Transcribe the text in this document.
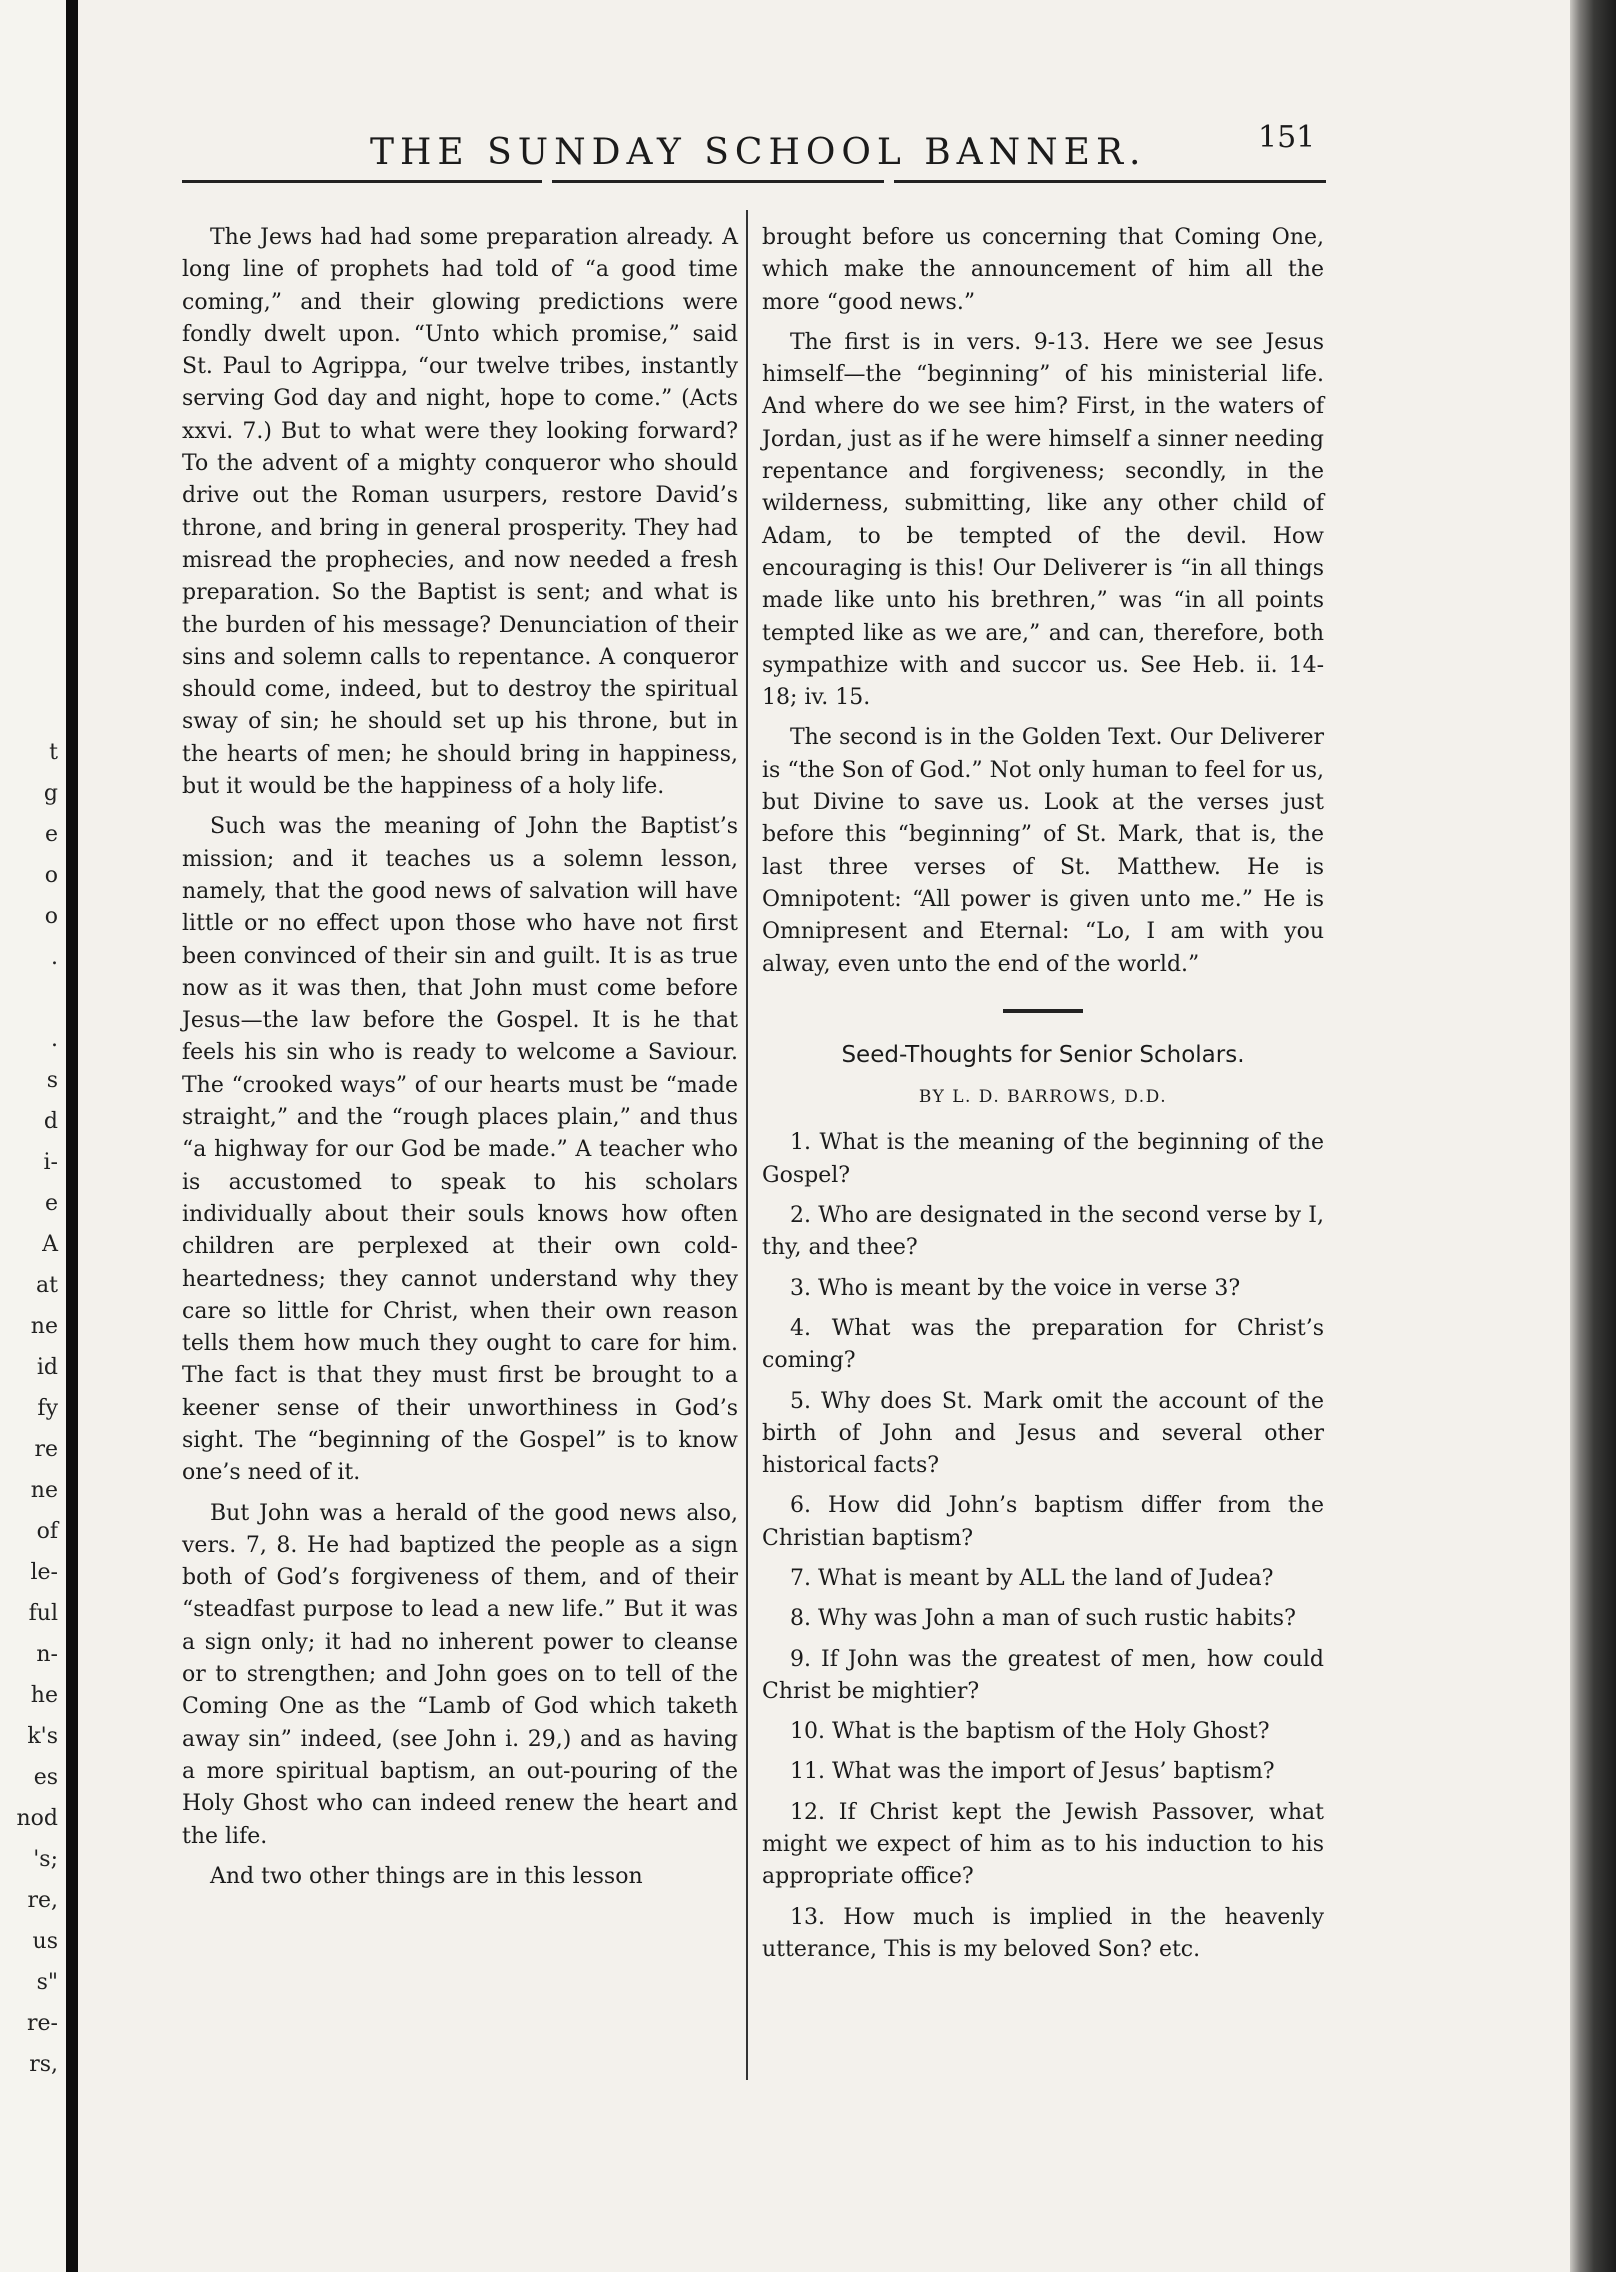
t
g
e
o
o
.
.
s
d
i-
e
A
at
ne
id
fy
re
ne
of
le-
ful
n-
he
k's
es
nod
's;
re,
us
s"
re-
rs,
THE SUNDAY SCHOOL BANNER.	151

The Jews had had some preparation already. A long line of prophets had told of “a good time coming,” and their glowing predictions were fondly dwelt upon. “Unto which promise,” said St. Paul to Agrippa, “our twelve tribes, instantly serving God day and night, hope to come.” (Acts xxvi. 7.) But to what were they looking forward? To the advent of a mighty conqueror who should drive out the Roman usurpers, restore David’s throne, and bring in general prosperity. They had misread the prophecies, and now needed a fresh preparation. So the Baptist is sent; and what is the burden of his message? Denunciation of their sins and solemn calls to repentance. A conqueror should come, indeed, but to destroy the spiritual sway of sin; he should set up his throne, but in the hearts of men; he should bring in happiness, but it would be the happiness of a holy life.

Such was the meaning of John the Baptist’s mission; and it teaches us a solemn lesson, namely, that the good news of salvation will have little or no effect upon those who have not first been convinced of their sin and guilt. It is as true now as it was then, that John must come before Jesus—the law before the Gospel. It is he that feels his sin who is ready to welcome a Saviour. The “crooked ways” of our hearts must be “made straight,” and the “rough places plain,” and thus “a highway for our God be made.” A teacher who is accustomed to speak to his scholars individually about their souls knows how often children are perplexed at their own cold-heartedness; they cannot understand why they care so little for Christ, when their own reason tells them how much they ought to care for him. The fact is that they must first be brought to a keener sense of their unworthiness in God’s sight. The “beginning of the Gospel” is to know one’s need of it.

But John was a herald of the good news also, vers. 7, 8. He had baptized the people as a sign both of God’s forgiveness of them, and of their “steadfast purpose to lead a new life.” But it was a sign only; it had no inherent power to cleanse or to strengthen; and John goes on to tell of the Coming One as the “Lamb of God which taketh away sin” indeed, (see John i. 29,) and as having a more spiritual baptism, an out-pouring of the Holy Ghost who can indeed renew the heart and the life.

And two other things are in this lesson

brought before us concerning that Coming One, which make the announcement of him all the more “good news.”

The first is in vers. 9-13. Here we see Jesus himself—the “beginning” of his ministerial life. And where do we see him? First, in the waters of Jordan, just as if he were himself a sinner needing repentance and forgiveness; secondly, in the wilderness, submitting, like any other child of Adam, to be tempted of the devil. How encouraging is this! Our Deliverer is “in all things made like unto his brethren,” was “in all points tempted like as we are,” and can, therefore, both sympathize with and succor us. See Heb. ii. 14-18; iv. 15.

The second is in the Golden Text. Our Deliverer is “the Son of God.” Not only human to feel for us, but Divine to save us. Look at the verses just before this “beginning” of St. Mark, that is, the last three verses of St. Matthew. He is Omnipotent: “All power is given unto me.” He is Omnipresent and Eternal: “Lo, I am with you alway, even unto the end of the world.”

Seed-Thoughts for Senior Scholars.
BY L. D. BARROWS, D.D.

1. What is the meaning of the beginning of the Gospel?

2. Who are designated in the second verse by I, thy, and thee?

3. Who is meant by the voice in verse 3?

4. What was the preparation for Christ’s coming?

5. Why does St. Mark omit the account of the birth of John and Jesus and several other historical facts?

6. How did John’s baptism differ from the Christian baptism?

7. What is meant by ALL the land of Judea?

8. Why was John a man of such rustic habits?

9. If John was the greatest of men, how could Christ be mightier?

10. What is the baptism of the Holy Ghost?

11. What was the import of Jesus’ baptism?

12. If Christ kept the Jewish Passover, what might we expect of him as to his induction to his appropriate office?

13. How much is implied in the heavenly utterance, This is my beloved Son? etc.
